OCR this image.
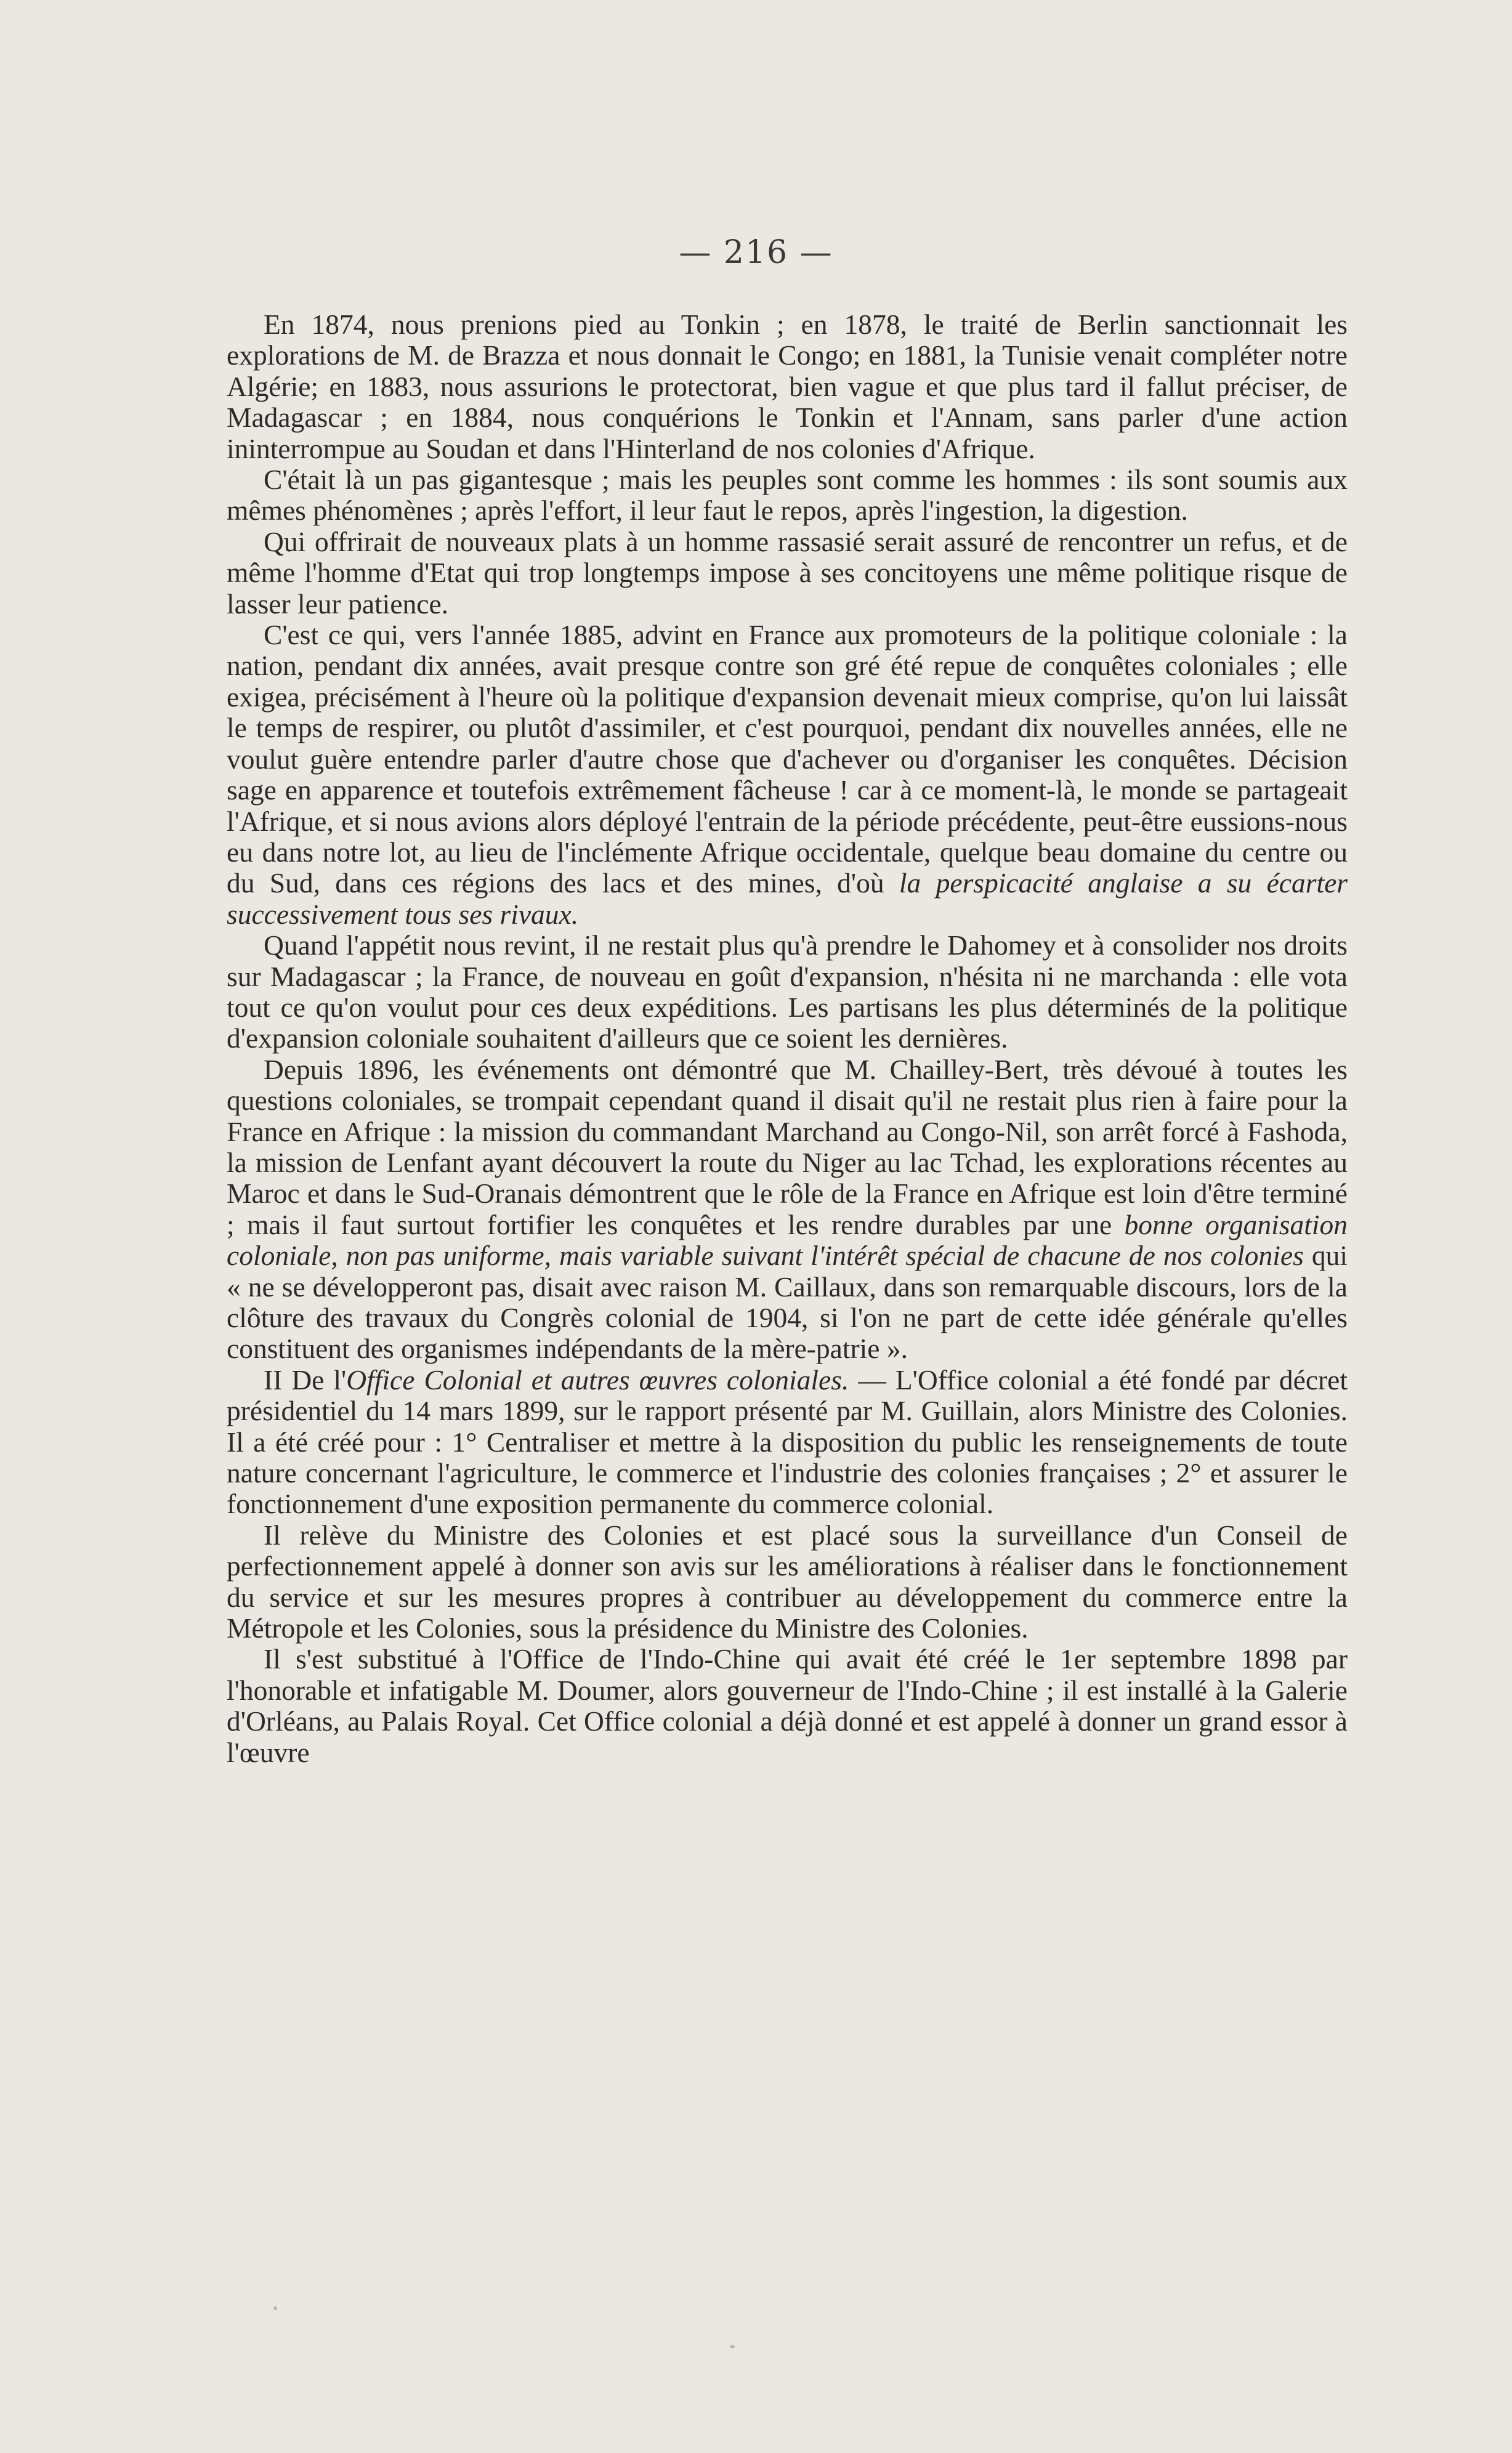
— 216 —

En 1874, nous prenions pied au Tonkin ; en 1878, le traité de Berlin sanctionnait les explorations de M. de Brazza et nous donnait le Congo; en 1881, la Tunisie venait compléter notre Algérie; en 1883, nous assurions le protectorat, bien vague et que plus tard il fallut préciser, de Madagascar ; en 1884, nous conquérions le Tonkin et l'Annam, sans parler d'une action ininterrompue au Soudan et dans l'Hinterland de nos colonies d'Afrique.

C'était là un pas gigantesque ; mais les peuples sont comme les hommes : ils sont soumis aux mêmes phénomènes ; après l'effort, il leur faut le repos, après l'ingestion, la digestion.

Qui offrirait de nouveaux plats à un homme rassasié serait assuré de rencontrer un refus, et de même l'homme d'Etat qui trop longtemps impose à ses concitoyens une même politique risque de lasser leur patience.

C'est ce qui, vers l'année 1885, advint en France aux promoteurs de la politique coloniale : la nation, pendant dix années, avait presque contre son gré été repue de conquêtes coloniales ; elle exigea, précisément à l'heure où la politique d'expansion devenait mieux comprise, qu'on lui laissât le temps de respirer, ou plutôt d'assimiler, et c'est pourquoi, pendant dix nouvelles années, elle ne voulut guère entendre parler d'autre chose que d'achever ou d'organiser les conquêtes. Décision sage en apparence et toutefois extrêmement fâcheuse ! car à ce moment-là, le monde se partageait l'Afrique, et si nous avions alors déployé l'entrain de la période précédente, peut-être eussions-nous eu dans notre lot, au lieu de l'inclémente Afrique occidentale, quelque beau domaine du centre ou du Sud, dans ces régions des lacs et des mines, d'où la perspicacité anglaise a su écarter successivement tous ses rivaux.

Quand l'appétit nous revint, il ne restait plus qu'à prendre le Dahomey et à consolider nos droits sur Madagascar ; la France, de nouveau en goût d'expansion, n'hésita ni ne marchanda : elle vota tout ce qu'on voulut pour ces deux expéditions. Les partisans les plus déterminés de la politique d'expansion coloniale souhaitent d'ailleurs que ce soient les dernières.

Depuis 1896, les événements ont démontré que M. Chailley-Bert, très dévoué à toutes les questions coloniales, se trompait cependant quand il disait qu'il ne restait plus rien à faire pour la France en Afrique : la mission du commandant Marchand au Congo-Nil, son arrêt forcé à Fashoda, la mission de Lenfant ayant découvert la route du Niger au lac Tchad, les explorations récentes au Maroc et dans le Sud-Oranais démontrent que le rôle de la France en Afrique est loin d'être terminé ; mais il faut surtout fortifier les conquêtes et les rendre durables par une bonne organisation coloniale, non pas uniforme, mais variable suivant l'intérêt spécial de chacune de nos colonies qui « ne se développeront pas, disait avec raison M. Caillaux, dans son remarquable discours, lors de la clôture des travaux du Congrès colonial de 1904, si l'on ne part de cette idée générale qu'elles constituent des organismes indépendants de la mère-patrie ».

II De l'Office Colonial et autres œuvres coloniales. — L'Office colonial a été fondé par décret présidentiel du 14 mars 1899, sur le rapport présenté par M. Guillain, alors Ministre des Colonies. Il a été créé pour : 1° Centraliser et mettre à la disposition du public les renseignements de toute nature concernant l'agriculture, le commerce et l'industrie des colonies françaises ; 2° et assurer le fonctionnement d'une exposition permanente du commerce colonial.

Il relève du Ministre des Colonies et est placé sous la surveillance d'un Conseil de perfectionnement appelé à donner son avis sur les améliorations à réaliser dans le fonctionnement du service et sur les mesures propres à contribuer au développement du commerce entre la Métropole et les Colonies, sous la présidence du Ministre des Colonies.

Il s'est substitué à l'Office de l'Indo-Chine qui avait été créé le 1er septembre 1898 par l'honorable et infatigable M. Doumer, alors gouverneur de l'Indo-Chine ; il est installé à la Galerie d'Orléans, au Palais Royal. Cet Office colonial a déjà donné et est appelé à donner un grand essor à l'œuvre
